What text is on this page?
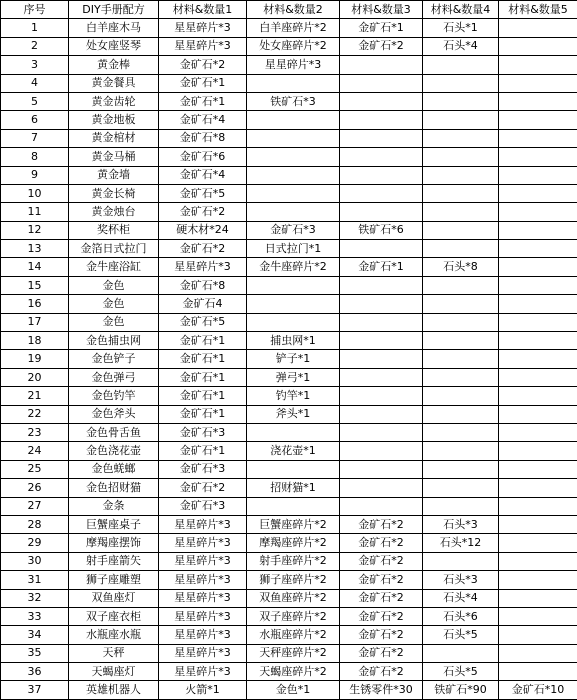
序号	DIY手册配方	材料&数量1	材料&数量2	材料&数量3	材料&数量4	材料&数量5
1	白羊座木马	星星碎片*3	白羊座碎片*2	金矿石*1	石头*1	
2	处女座竖琴	星星碎片*3	处女座碎片*2	金矿石*2	石头*4	
3	黄金棒	金矿石*2	星星碎片*3			
4	黄金餐具	金矿石*1				
5	黄金齿轮	金矿石*1	铁矿石*3			
6	黄金地板	金矿石*4				
7	黄金棺材	金矿石*8				
8	黄金马桶	金矿石*6				
9	黄金墙	金矿石*4				
10	黄金长椅	金矿石*5				
11	黄金烛台	金矿石*2				
12	奖杯柜	硬木材*24	金矿石*3	铁矿石*6		
13	金箔日式拉门	金矿石*2	日式拉门*1			
14	金牛座浴缸	星星碎片*3	金牛座碎片*2	金矿石*1	石头*8	
15	金色	金矿石*8				
16	金色	金矿石4				
17	金色	金矿石*5				
18	金色捕虫网	金矿石*1	捕虫网*1			
19	金色铲子	金矿石*1	铲子*1			
20	金色弹弓	金矿石*1	弹弓*1			
21	金色钓竿	金矿石*1	钓竿*1			
22	金色斧头	金矿石*1	斧头*1			
23	金色骨舌鱼	金矿石*3				
24	金色浇花壶	金矿石*1	浇花壶*1			
25	金色蜣螂	金矿石*3				
26	金色招财猫	金矿石*2	招财猫*1			
27	金条	金矿石*3				
28	巨蟹座桌子	星星碎片*3	巨蟹座碎片*2	金矿石*2	石头*3	
29	摩羯座摆饰	星星碎片*3	摩羯座碎片*2	金矿石*2	石头*12	
30	射手座箭矢	星星碎片*3	射手座碎片*2	金矿石*2		
31	狮子座雕塑	星星碎片*3	狮子座碎片*2	金矿石*2	石头*3	
32	双鱼座灯	星星碎片*3	双鱼座碎片*2	金矿石*2	石头*4	
33	双子座衣柜	星星碎片*3	双子座碎片*2	金矿石*2	石头*6	
34	水瓶座水瓶	星星碎片*3	水瓶座碎片*2	金矿石*2	石头*5	
35	天秤	星星碎片*3	天秤座碎片*2	金矿石*2		
36	天蝎座灯	星星碎片*3	天蝎座碎片*2	金矿石*2	石头*5	
37	英雄机器人	火箭*1	金色*1	生锈零件*30	铁矿石*90	金矿石*10
